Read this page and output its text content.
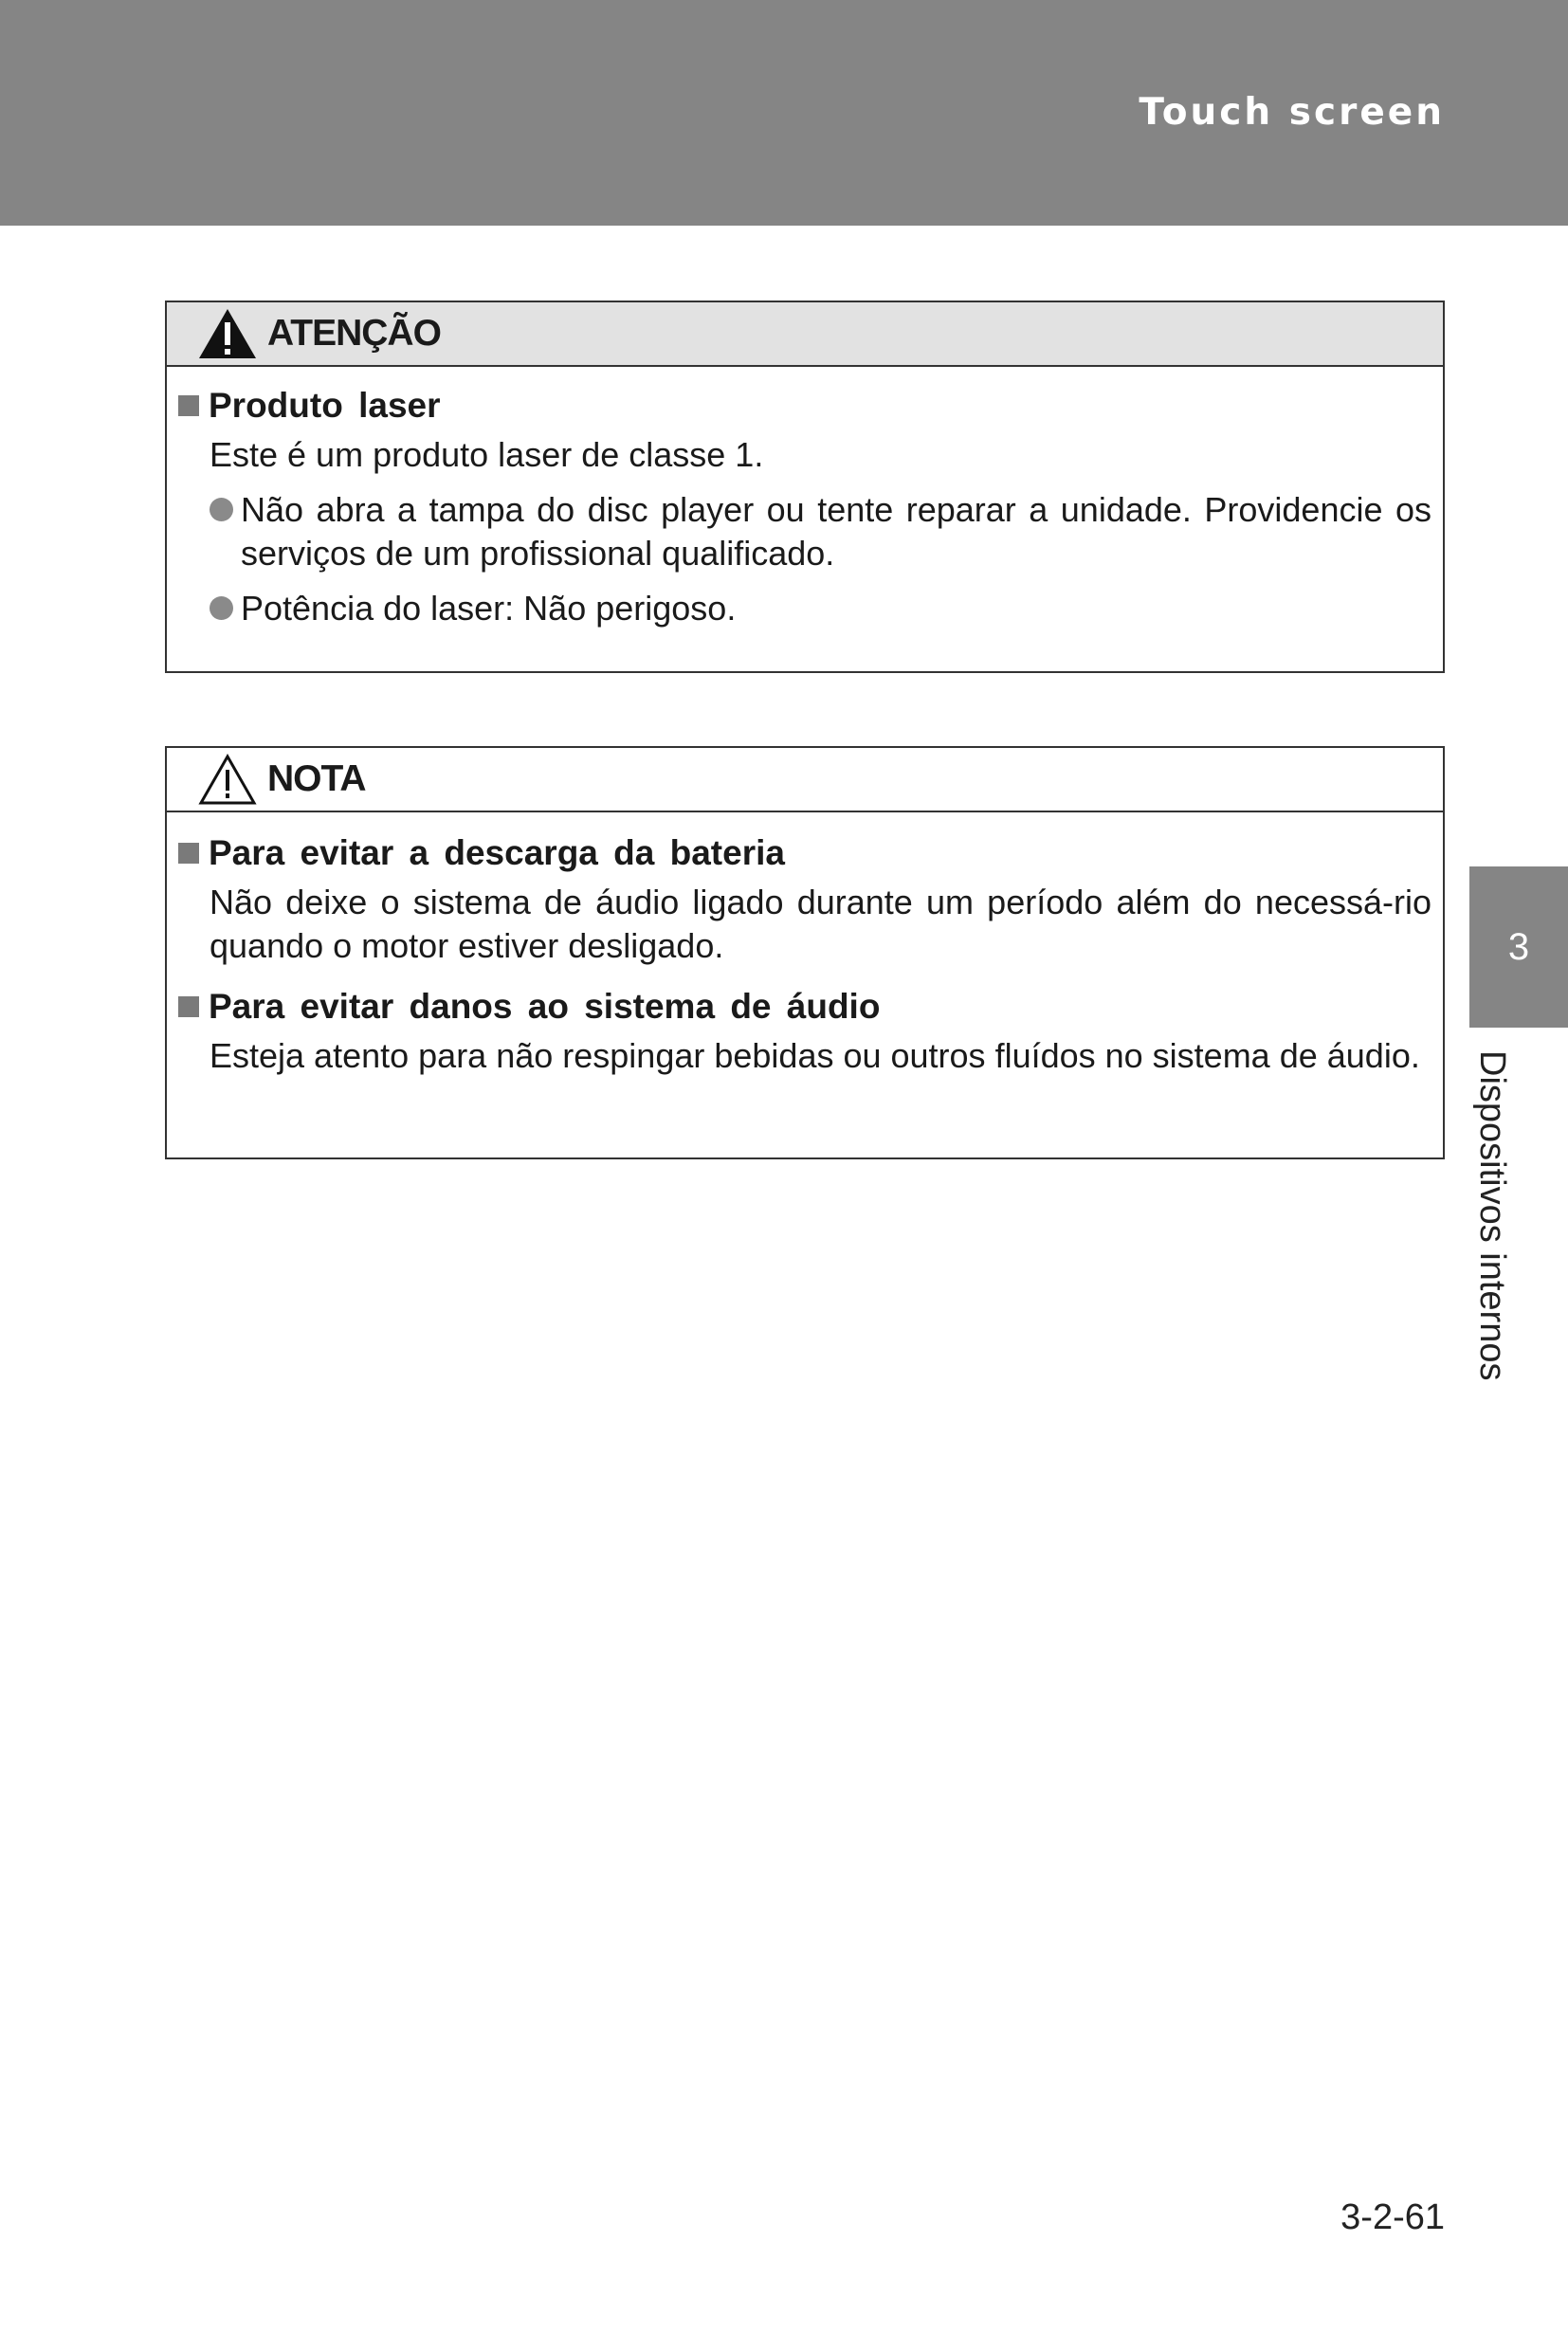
Touch screen
ATENÇÃO
Produto laser
Este é um produto laser de classe 1.
Não abra a tampa do disc player ou tente reparar a unidade. Providencie os serviços de um profissional qualificado.
Potência do laser: Não perigoso.
NOTA
Para evitar a descarga da bateria
Não deixe o sistema de áudio ligado durante um período além do necessá-rio quando o motor estiver desligado.
Para evitar danos ao sistema de áudio
Esteja atento para não respingar bebidas ou outros fluídos no sistema de áudio.
3
Dispositivos internos
3-2-61
